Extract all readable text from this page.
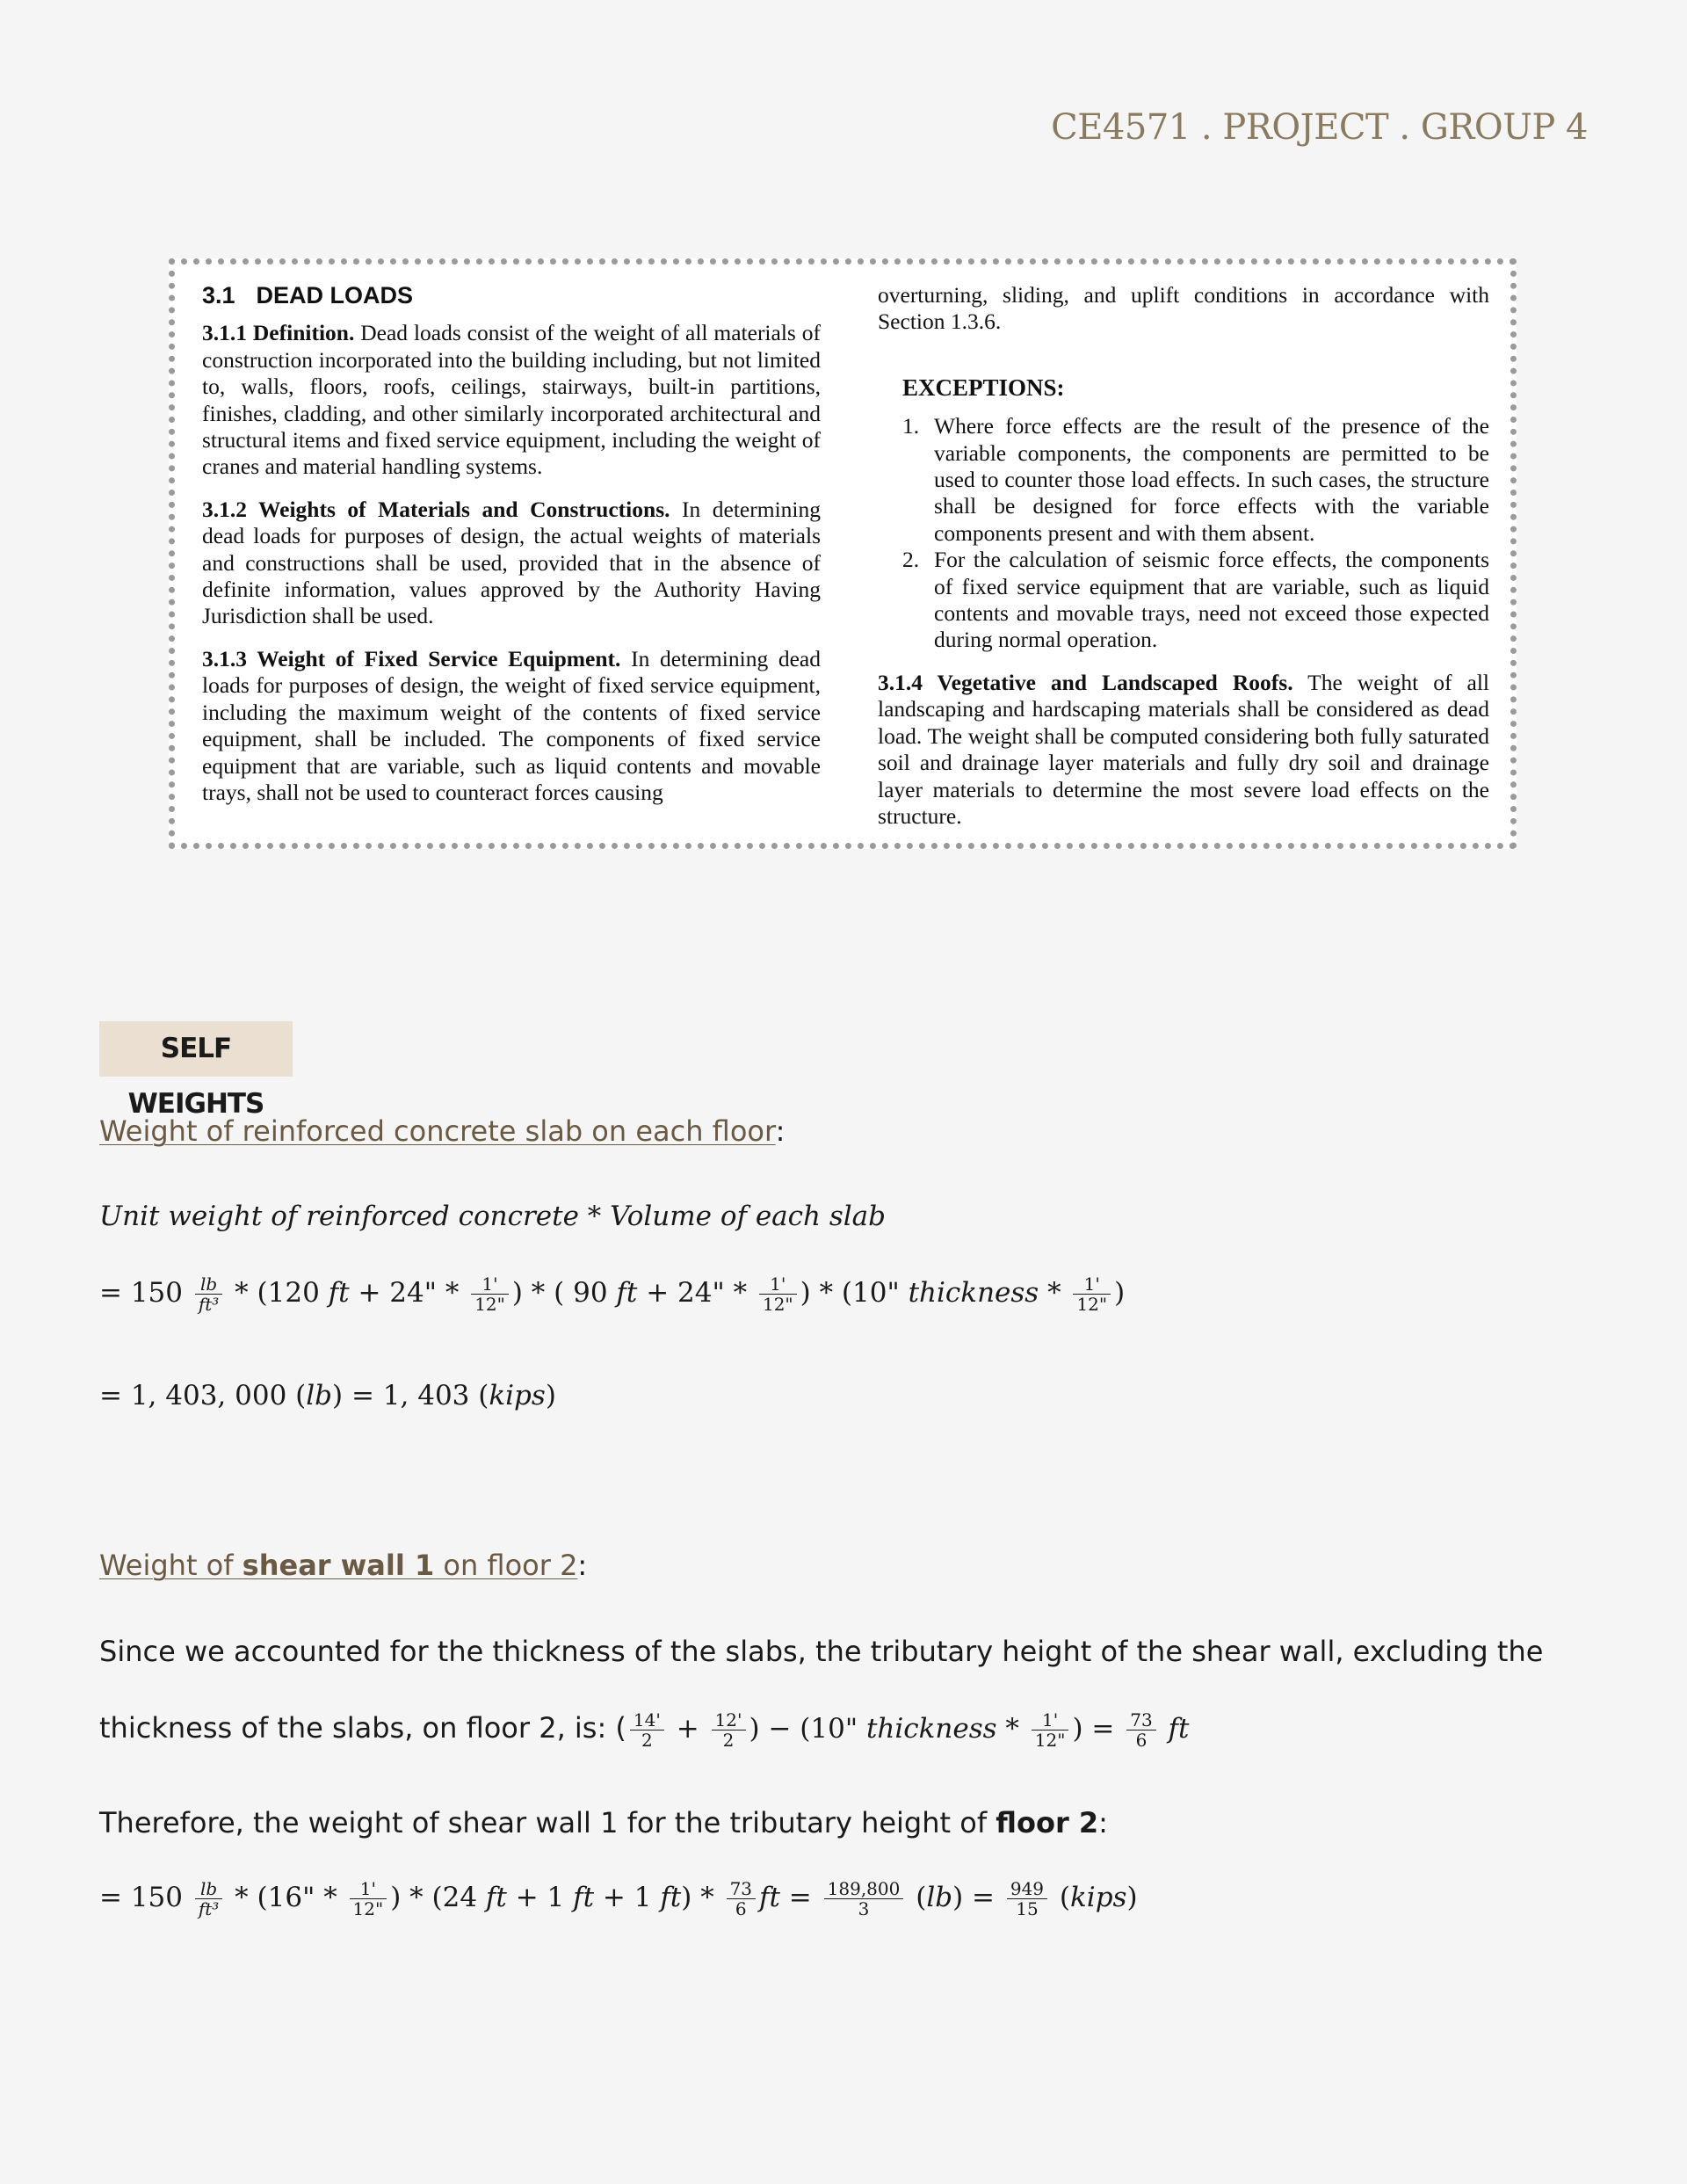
CE4571 . PROJECT . GROUP 4

3.1 DEAD LOADS

3.1.1 Definition. Dead loads consist of the weight of all materials of construction incorporated into the building including, but not limited to, walls, floors, roofs, ceilings, stairways, built-in partitions, finishes, cladding, and other similarly incorporated architectural and structural items and fixed service equipment, including the weight of cranes and material handling systems.

3.1.2 Weights of Materials and Constructions. In determining dead loads for purposes of design, the actual weights of materials and constructions shall be used, provided that in the absence of definite information, values approved by the Authority Having Jurisdiction shall be used.

3.1.3 Weight of Fixed Service Equipment. In determining dead loads for purposes of design, the weight of fixed service equipment, including the maximum weight of the contents of fixed service equipment, shall be included. The components of fixed service equipment that are variable, such as liquid contents and movable trays, shall not be used to counteract forces causing

overturning, sliding, and uplift conditions in accordance with Section 1.3.6.

EXCEPTIONS:

1. Where force effects are the result of the presence of the variable components, the components are permitted to be used to counter those load effects. In such cases, the structure shall be designed for force effects with the variable components present and with them absent.
2. For the calculation of seismic force effects, the components of fixed service equipment that are variable, such as liquid contents and movable trays, need not exceed those expected during normal operation.

3.1.4 Vegetative and Landscaped Roofs. The weight of all landscaping and hardscaping materials shall be considered as dead load. The weight shall be computed considering both fully saturated soil and drainage layer materials and fully dry soil and drainage layer materials to determine the most severe load effects on the structure.

SELF WEIGHTS
Weight of reinforced concrete slab on each floor:
Unit weight of reinforced concrete * Volume of each slab
= $150 \frac{lb}{\text{ft³}} * (120$ ft + 24" * $\frac{1'}{12"}$ ) * ( 90 ft + 24" * $\frac{1'}{12"}$ ) * (10" thickness * $\frac{1'}{12"}$ )
= 1, 403, 000 (lb) = 1, 403 (kips)
Weight of shear wall 1 on floor 2:
Since we accounted for the thickness of the slabs, the tributary height of the shear wall, excluding the
thickness of the slabs, on floor 2, is: ( $\frac{14'}{2} + \frac{12'}{2}$ ) − (10" thickness * $\frac{1'}{12"}$ ) = $\frac{73}{6}$ ft
Therefore, the weight of shear wall 1 for the tributary height of floor 2:
= $150 \frac{lb}{\text{ft³}} * (16$" * $\frac{1'}{12"}$ ) * (24 ft + 1 ft + 1 $ft) * \frac{73}{6}$ ft = $\frac{189,800}{3} (lb) = \frac{949}{15}$ (kips)
